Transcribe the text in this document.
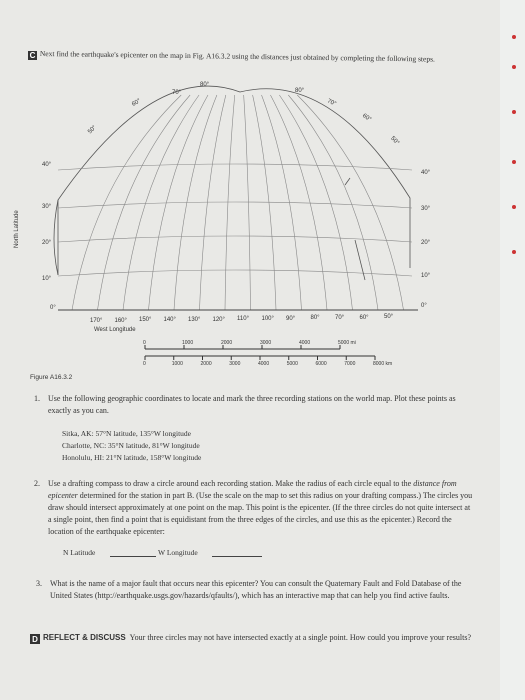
C Next find the earthquake's epicenter on the map in Fig. A16.3.2 using the distances just obtained by completing the following steps.
50°
60°
70°
80°
80°
70°
60°
50°
40°
30°
20°
10°
0°
40°
30°
20°
10°
0°
North Latitude
170° 160° 150° 140° 130° 120° 110° 100° 90°	80°	70°	60°	50°
West Longitude
0	1000	2000	3000	4000	5000 mi
0	1000	2000	3000	4000	5000	6000	7000	8000 km
Figure A16.3.2
1. Use the following geographic coordinates to locate and mark the three recording stations on the world map. Plot these points as exactly as you can.
Sitka, AK: 57°N latitude, 135°W longitude
Charlotte, NC: 35°N latitude, 81°W longitude
Honolulu, HI: 21°N latitude, 158°W longitude
2. Use a drafting compass to draw a circle around each recording station. Make the radius of each circle equal to the distance from epicenter determined for the station in part B. (Use the scale on the map to set this radius on your drafting compass.) The circles you draw should intersect approximately at one point on the map. This point is the epicenter. (If the three circles do not quite intersect at a single point, then find a point that is equidistant from the three edges of the circles, and use this as the epicenter.) Record the location of the earthquake epicenter:
N Latitude	W Longitude
3. What is the name of a major fault that occurs near this epicenter? You can consult the Quaternary Fault and Fold Database of the United States (http://earthquake.usgs.gov/hazards/qfaults/), which has an interactive map that can help you find active faults.
D REFLECT & DISCUSS Your three circles may not have intersected exactly at a single point. How could you improve your results?
